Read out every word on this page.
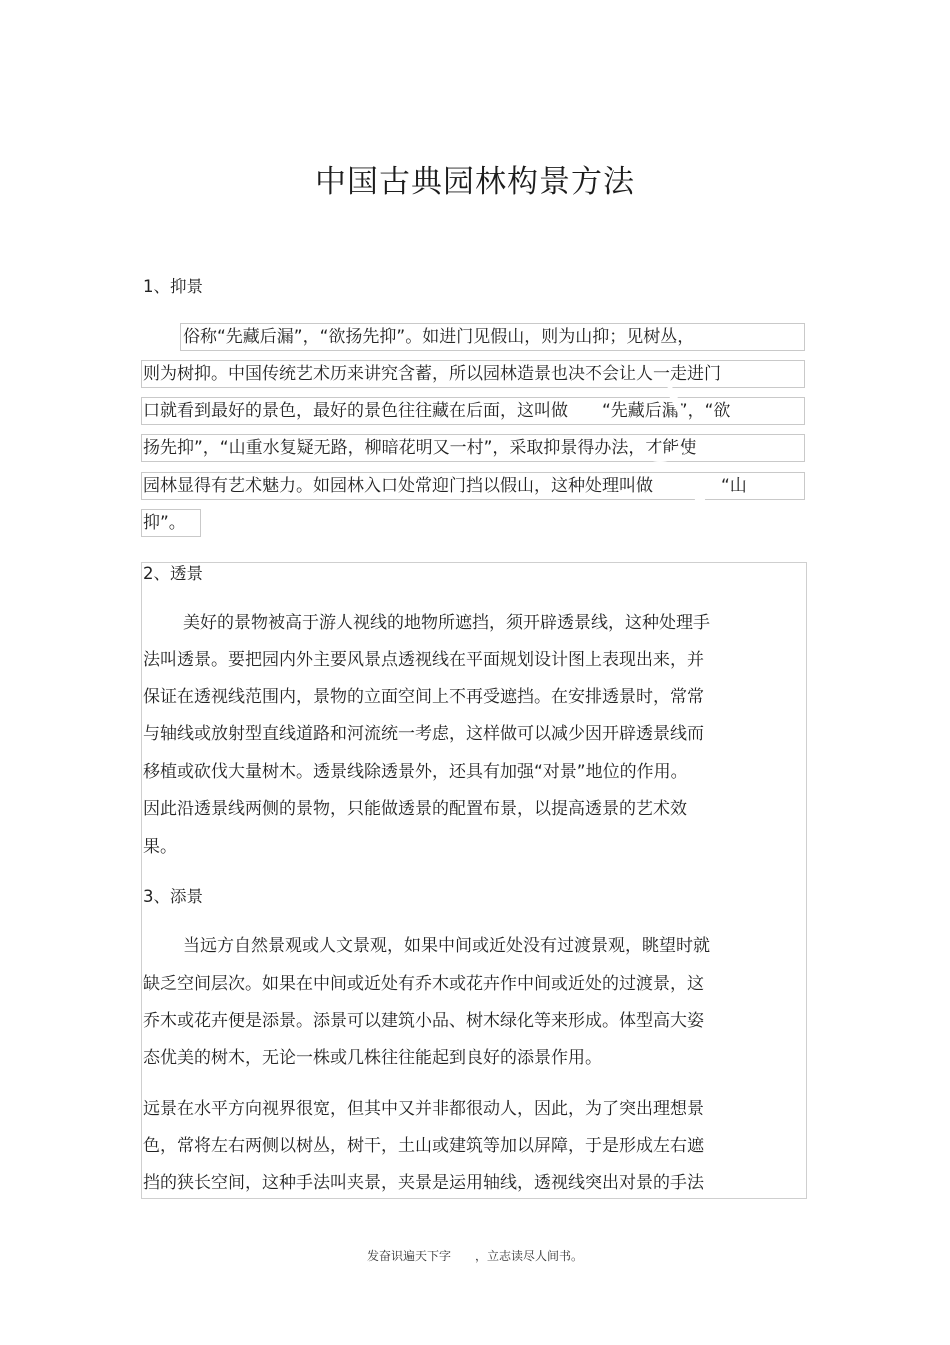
中国古典园林构景方法
1、抑景
俗称“先藏后漏”，“欲扬先抑”。如进门见假山，则为山抑；见树丛，
则为树抑。中国传统艺术历来讲究含蓄，所以园林造景也决不会让人一走进门
口就看到最好的景色，最好的景色往往藏在后面，这叫做　　“先藏后漏”，“欲
扬先抑”，“山重水复疑无路，柳暗花明又一村”，采取抑景得办法，才能使
园林显得有艺术魅力。如园林入口处常迎门挡以假山，这种处理叫做　　　　“山
抑”。
2、透景
美好的景物被高于游人视线的地物所遮挡，须开辟透景线，这种处理手
法叫透景。要把园内外主要风景点透视线在平面规划设计图上表现出来，并
保证在透视线范围内，景物的立面空间上不再受遮挡。在安排透景时，常常
与轴线或放射型直线道路和河流统一考虑，这样做可以减少因开辟透景线而
移植或砍伐大量树木。透景线除透景外，还具有加强“对景”地位的作用。
因此沿透景线两侧的景物，只能做透景的配置布景，以提高透景的艺术效
果。
3、添景
当远方自然景观或人文景观，如果中间或近处没有过渡景观，眺望时就
缺乏空间层次。如果在中间或近处有乔木或花卉作中间或近处的过渡景，这
乔木或花卉便是添景。添景可以建筑小品、树木绿化等来形成。体型高大姿
态优美的树木，无论一株或几株往往能起到良好的添景作用。
远景在水平方向视界很宽，但其中又并非都很动人，因此，为了突出理想景
色，常将左右两侧以树丛，树干，土山或建筑等加以屏障，于是形成左右遮
挡的狭长空间，这种手法叫夹景，夹景是运用轴线，透视线突出对景的手法
发奋识遍天下字　　，立志读尽人间书。
